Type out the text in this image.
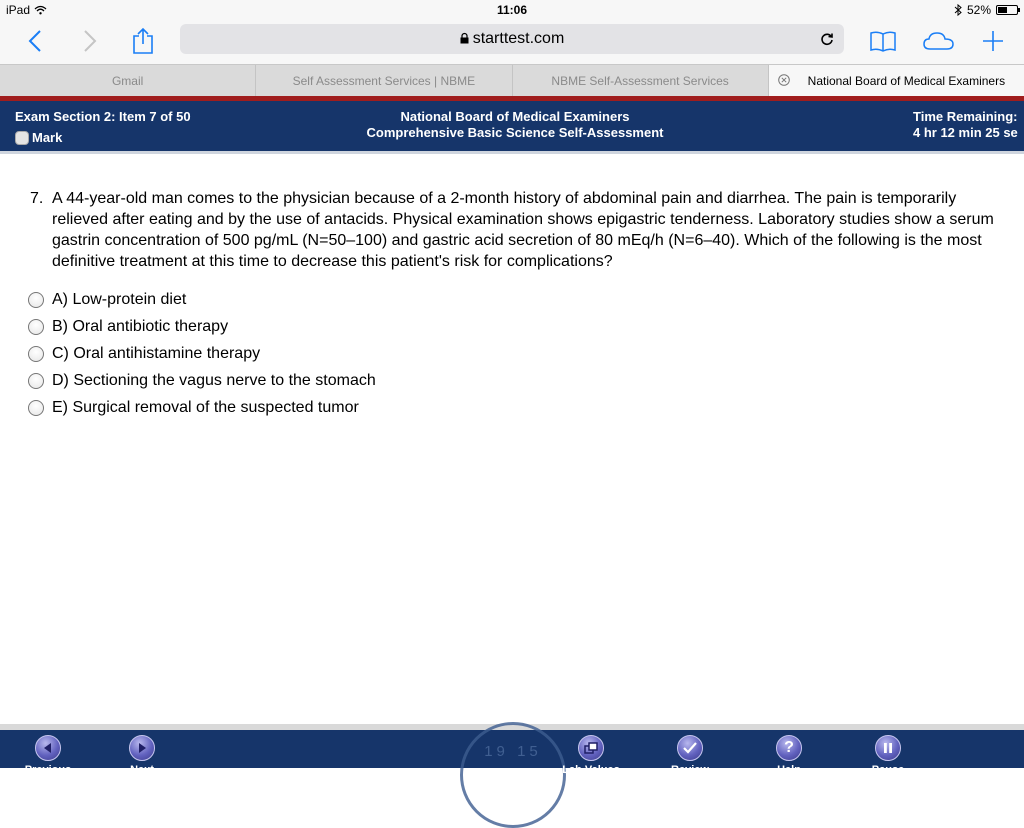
iPad	11:06	52%
starttest.com
Gmail	Self Assessment Services | NBME	NBME Self-Assessment Services	National Board of Medical Examiners
Exam Section 2: Item 7 of 50
Mark
National Board of Medical Examiners
Comprehensive Basic Science Self-Assessment
Time Remaining:
4 hr 12 min 25 se
7. A 44-year-old man comes to the physician because of a 2-month history of abdominal pain and diarrhea. The pain is temporarily relieved after eating and by the use of antacids. Physical examination shows epigastric tenderness. Laboratory studies show a serum gastrin concentration of 500 pg/mL (N=50–100) and gastric acid secretion of 80 mEq/h (N=6–40). Which of the following is the most definitive treatment at this time to decrease this patient's risk for complications?
A) Low-protein diet
B) Oral antibiotic therapy
C) Oral antihistamine therapy
D) Sectioning the vagus nerve to the stomach
E) Surgical removal of the suspected tumor
19 15
Previous	Next	Lab Values	Review
?
Help	Pause
